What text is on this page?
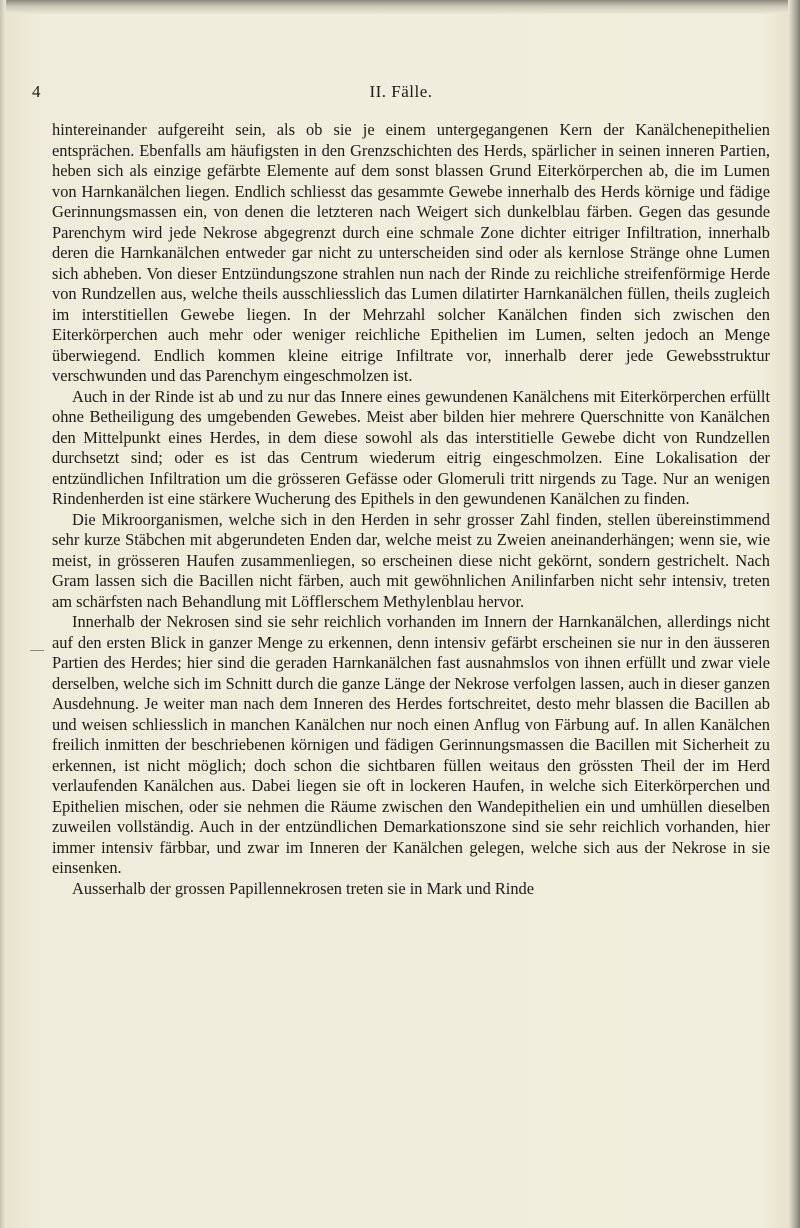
4	II. Fälle.

hintereinander aufgereiht sein, als ob sie je einem untergegangenen Kern der Kanälchenepithelien entsprächen. Ebenfalls am häufigsten in den Grenzschichten des Herds, spärlicher in seinen inneren Partien, heben sich als einzige gefärbte Elemente auf dem sonst blassen Grund Eiterkörperchen ab, die im Lumen von Harnkanälchen liegen. Endlich schliesst das gesammte Gewebe innerhalb des Herds körnige und fädige Gerinnungsmassen ein, von denen die letzteren nach Weigert sich dunkelblau färben. Gegen das gesunde Parenchym wird jede Nekrose abgegrenzt durch eine schmale Zone dichter eitriger Infiltration, innerhalb deren die Harnkanälchen entweder gar nicht zu unterscheiden sind oder als kernlose Stränge ohne Lumen sich abheben. Von dieser Entzündungszone strahlen nun nach der Rinde zu reichliche streifenförmige Herde von Rundzellen aus, welche theils ausschliesslich das Lumen dilatirter Harnkanälchen füllen, theils zugleich im interstitiellen Gewebe liegen. In der Mehrzahl solcher Kanälchen finden sich zwischen den Eiterkörperchen auch mehr oder weniger reichliche Epithelien im Lumen, selten jedoch an Menge überwiegend. Endlich kommen kleine eitrige Infiltrate vor, innerhalb derer jede Gewebsstruktur verschwunden und das Parenchym eingeschmolzen ist.

Auch in der Rinde ist ab und zu nur das Innere eines gewundenen Kanälchens mit Eiterkörperchen erfüllt ohne Betheiligung des umgebenden Gewebes. Meist aber bilden hier mehrere Querschnitte von Kanälchen den Mittelpunkt eines Herdes, in dem diese sowohl als das interstitielle Gewebe dicht von Rundzellen durchsetzt sind; oder es ist das Centrum wiederum eitrig eingeschmolzen. Eine Lokalisation der entzündlichen Infiltration um die grösseren Gefässe oder Glomeruli tritt nirgends zu Tage. Nur an wenigen Rindenherden ist eine stärkere Wucherung des Epithels in den gewundenen Kanälchen zu finden.

Die Mikroorganismen, welche sich in den Herden in sehr grosser Zahl finden, stellen übereinstimmend sehr kurze Stäbchen mit abgerundeten Enden dar, welche meist zu Zweien aneinanderhängen; wenn sie, wie meist, in grösseren Haufen zusammenliegen, so erscheinen diese nicht gekörnt, sondern gestrichelt. Nach Gram lassen sich die Bacillen nicht färben, auch mit gewöhnlichen Anilinfarben nicht sehr intensiv, treten am schärfsten nach Behandlung mit Löfflerschem Methylenblau hervor.

Innerhalb der Nekrosen sind sie sehr reichlich vorhanden im Innern der Harnkanälchen, allerdings nicht auf den ersten Blick in ganzer Menge zu erkennen, denn intensiv gefärbt erscheinen sie nur in den äusseren Partien des Herdes; hier sind die geraden Harnkanälchen fast ausnahmslos von ihnen erfüllt und zwar viele derselben, welche sich im Schnitt durch die ganze Länge der Nekrose verfolgen lassen, auch in dieser ganzen Ausdehnung. Je weiter man nach dem Inneren des Herdes fortschreitet, desto mehr blassen die Bacillen ab und weisen schliesslich in manchen Kanälchen nur noch einen Anflug von Färbung auf. In allen Kanälchen freilich inmitten der beschriebenen körnigen und fädigen Gerinnungsmassen die Bacillen mit Sicherheit zu erkennen, ist nicht möglich; doch schon die sichtbaren füllen weitaus den grössten Theil der im Herd verlaufenden Kanälchen aus. Dabei liegen sie oft in lockeren Haufen, in welche sich Eiterkörperchen und Epithelien mischen, oder sie nehmen die Räume zwischen den Wandepithelien ein und umhüllen dieselben zuweilen vollständig. Auch in der entzündlichen Demarkationszone sind sie sehr reichlich vorhanden, hier immer intensiv färbbar, und zwar im Inneren der Kanälchen gelegen, welche sich aus der Nekrose in sie einsenken.

Ausserhalb der grossen Papillennekrosen treten sie in Mark und Rinde
